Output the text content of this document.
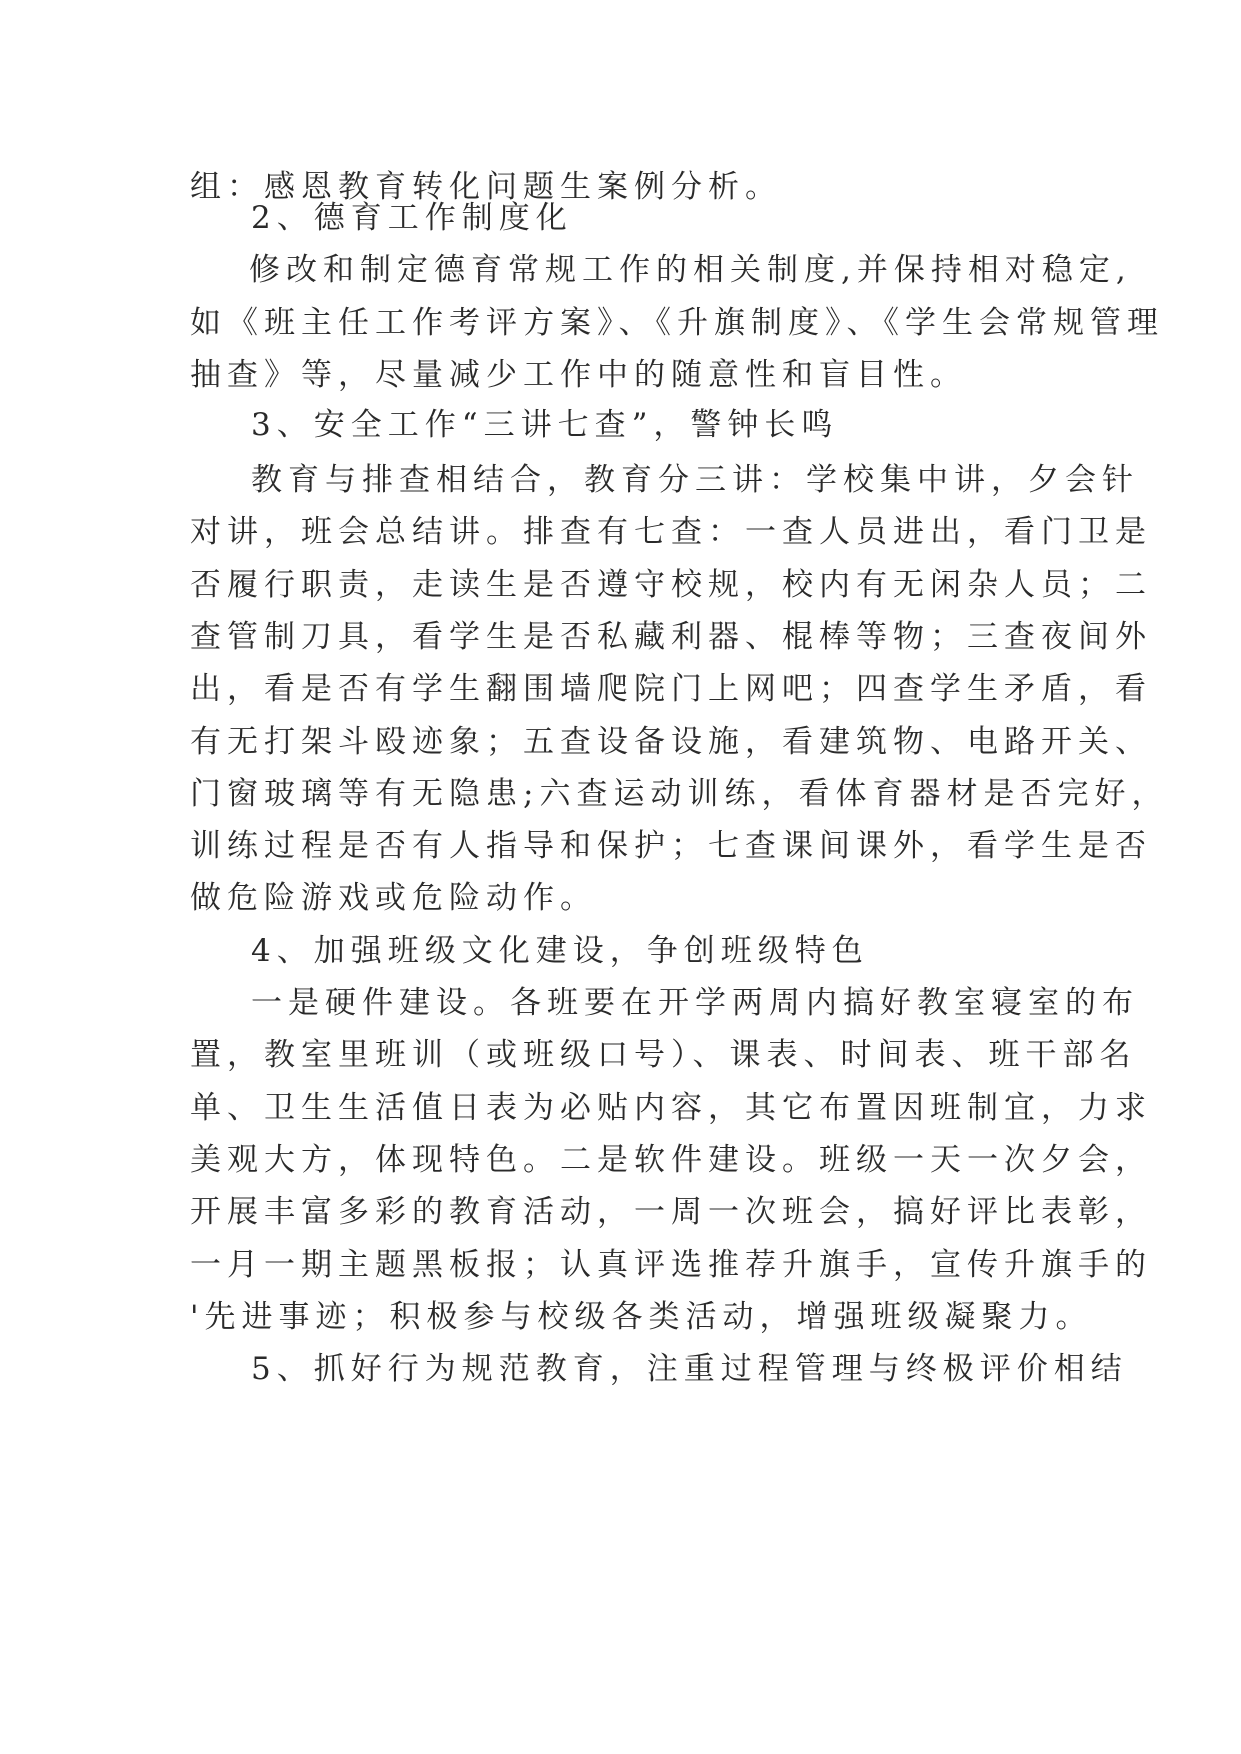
组：感恩教育转化问题生案例分析。
2、德育工作制度化
修改和制定德育常规工作的相关制度,并保持相对稳定,
如《班主任工作考评方案》、《升旗制度》、《学生会常规管理
抽查》等，尽量减少工作中的随意性和盲目性。
3、安全工作“三讲七查”，警钟长鸣
教育与排查相结合，教育分三讲：学校集中讲，夕会针
对讲，班会总结讲。排查有七查：一查人员进出，看门卫是
否履行职责，走读生是否遵守校规，校内有无闲杂人员；二
查管制刀具，看学生是否私藏利器、棍棒等物；三查夜间外
出，看是否有学生翻围墙爬院门上网吧；四查学生矛盾，看
有无打架斗殴迹象；五查设备设施，看建筑物、电路开关、
门窗玻璃等有无隐患;六查运动训练，看体育器材是否完好，
训练过程是否有人指导和保护；七查课间课外，看学生是否
做危险游戏或危险动作。
4、加强班级文化建设，争创班级特色
一是硬件建设。各班要在开学两周内搞好教室寝室的布
置，教室里班训（或班级口号）、课表、时间表、班干部名
单、卫生生活值日表为必贴内容，其它布置因班制宜，力求
美观大方，体现特色。二是软件建设。班级一天一次夕会，
开展丰富多彩的教育活动，一周一次班会，搞好评比表彰，
一月一期主题黑板报；认真评选推荐升旗手，宣传升旗手的
'先进事迹；积极参与校级各类活动，增强班级凝聚力。
5、抓好行为规范教育，注重过程管理与终极评价相结
